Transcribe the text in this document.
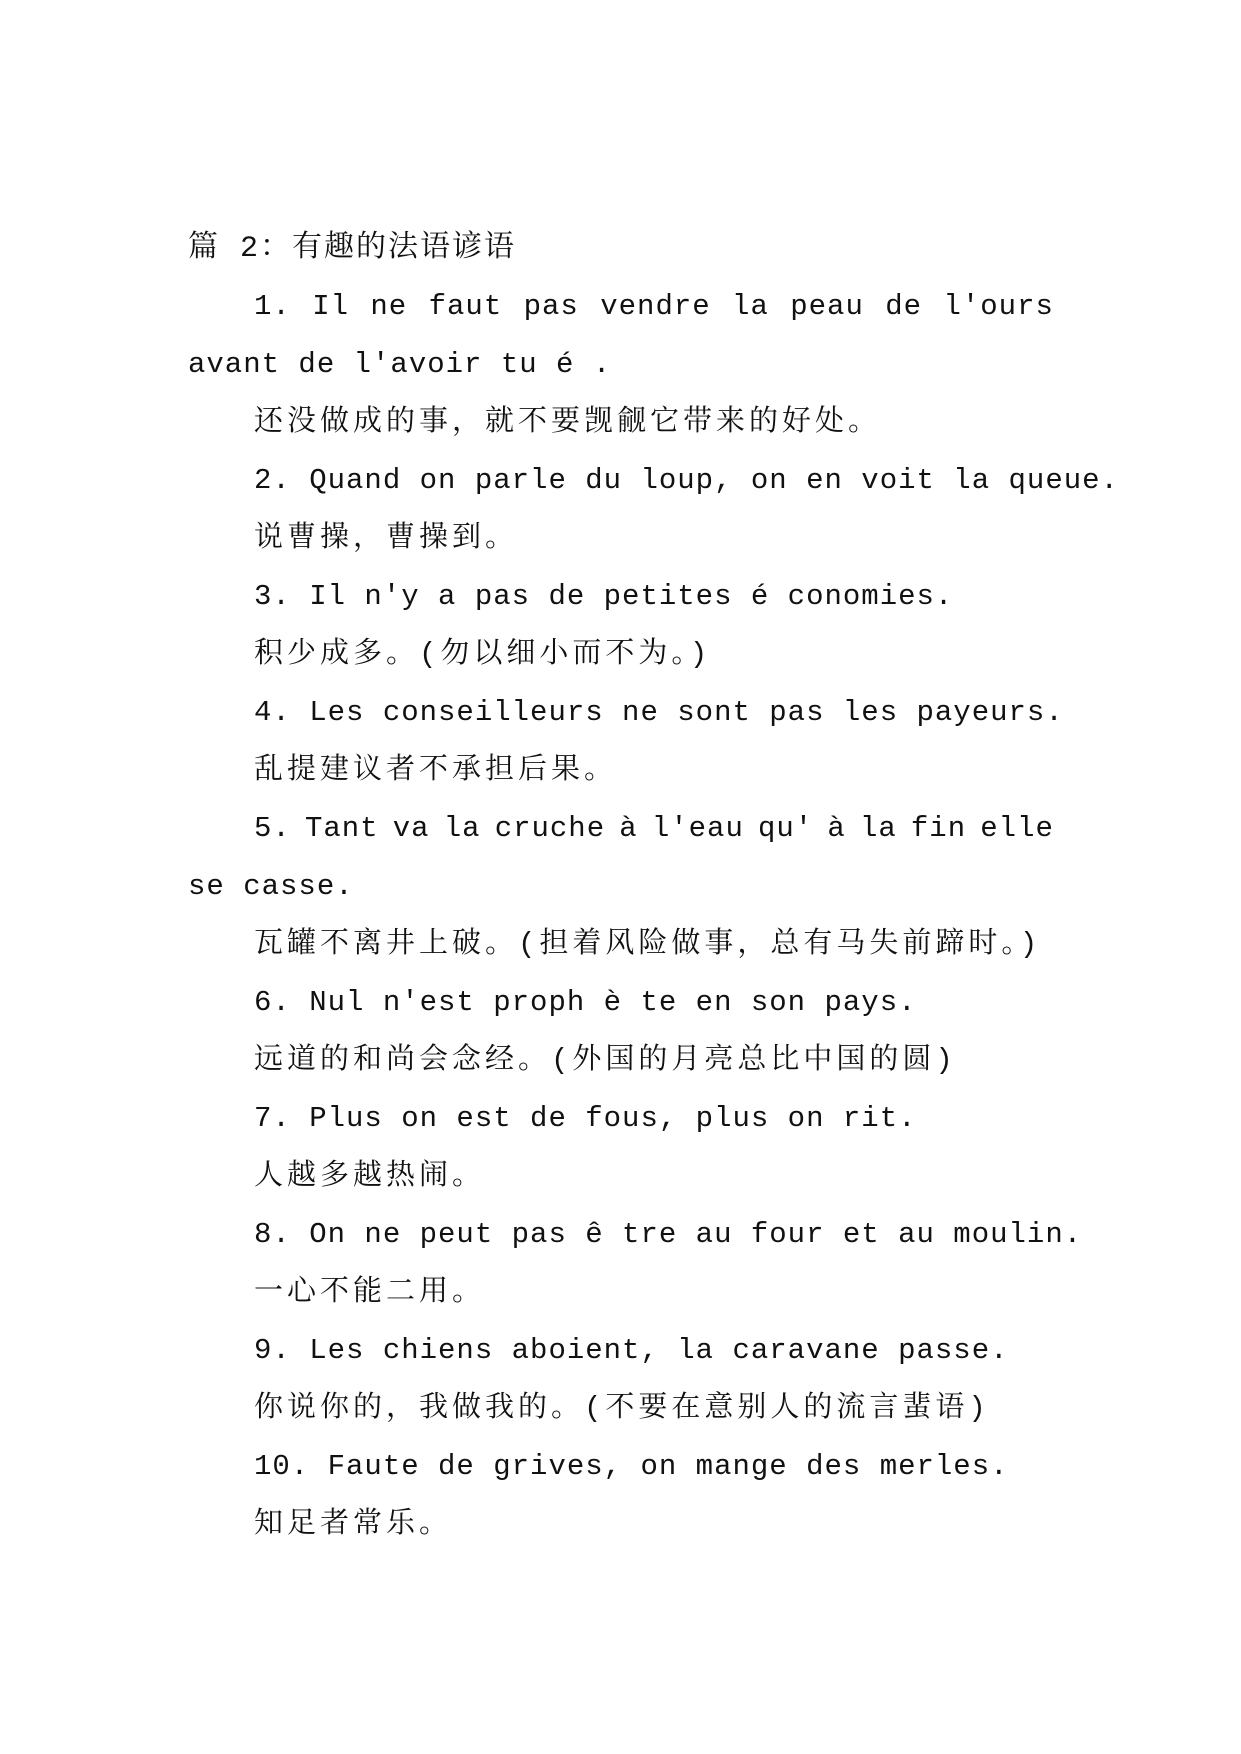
篇 2：有趣的法语谚语
1. Il ne faut pas vendre la peau de l'ours
avant de l'avoir tu é .
还没做成的事，就不要觊觎它带来的好处。
2. Quand on parle du loup, on en voit la queue.
说曹操，曹操到。
3. Il n'y a pas de petites é conomies.
积少成多。(勿以细小而不为。)
4. Les conseilleurs ne sont pas les payeurs.
乱提建议者不承担后果。
5. Tant va la cruche à l'eau qu' à la fin elle
se casse.
瓦罐不离井上破。(担着风险做事，总有马失前蹄时。)
6. Nul n'est proph è te en son pays.
远道的和尚会念经。(外国的月亮总比中国的圆)
7. Plus on est de fous, plus on rit.
人越多越热闹。
8. On ne peut pas ê tre au four et au moulin.
一心不能二用。
9. Les chiens aboient, la caravane passe.
你说你的，我做我的。(不要在意别人的流言蜚语)
10. Faute de grives, on mange des merles.
知足者常乐。
